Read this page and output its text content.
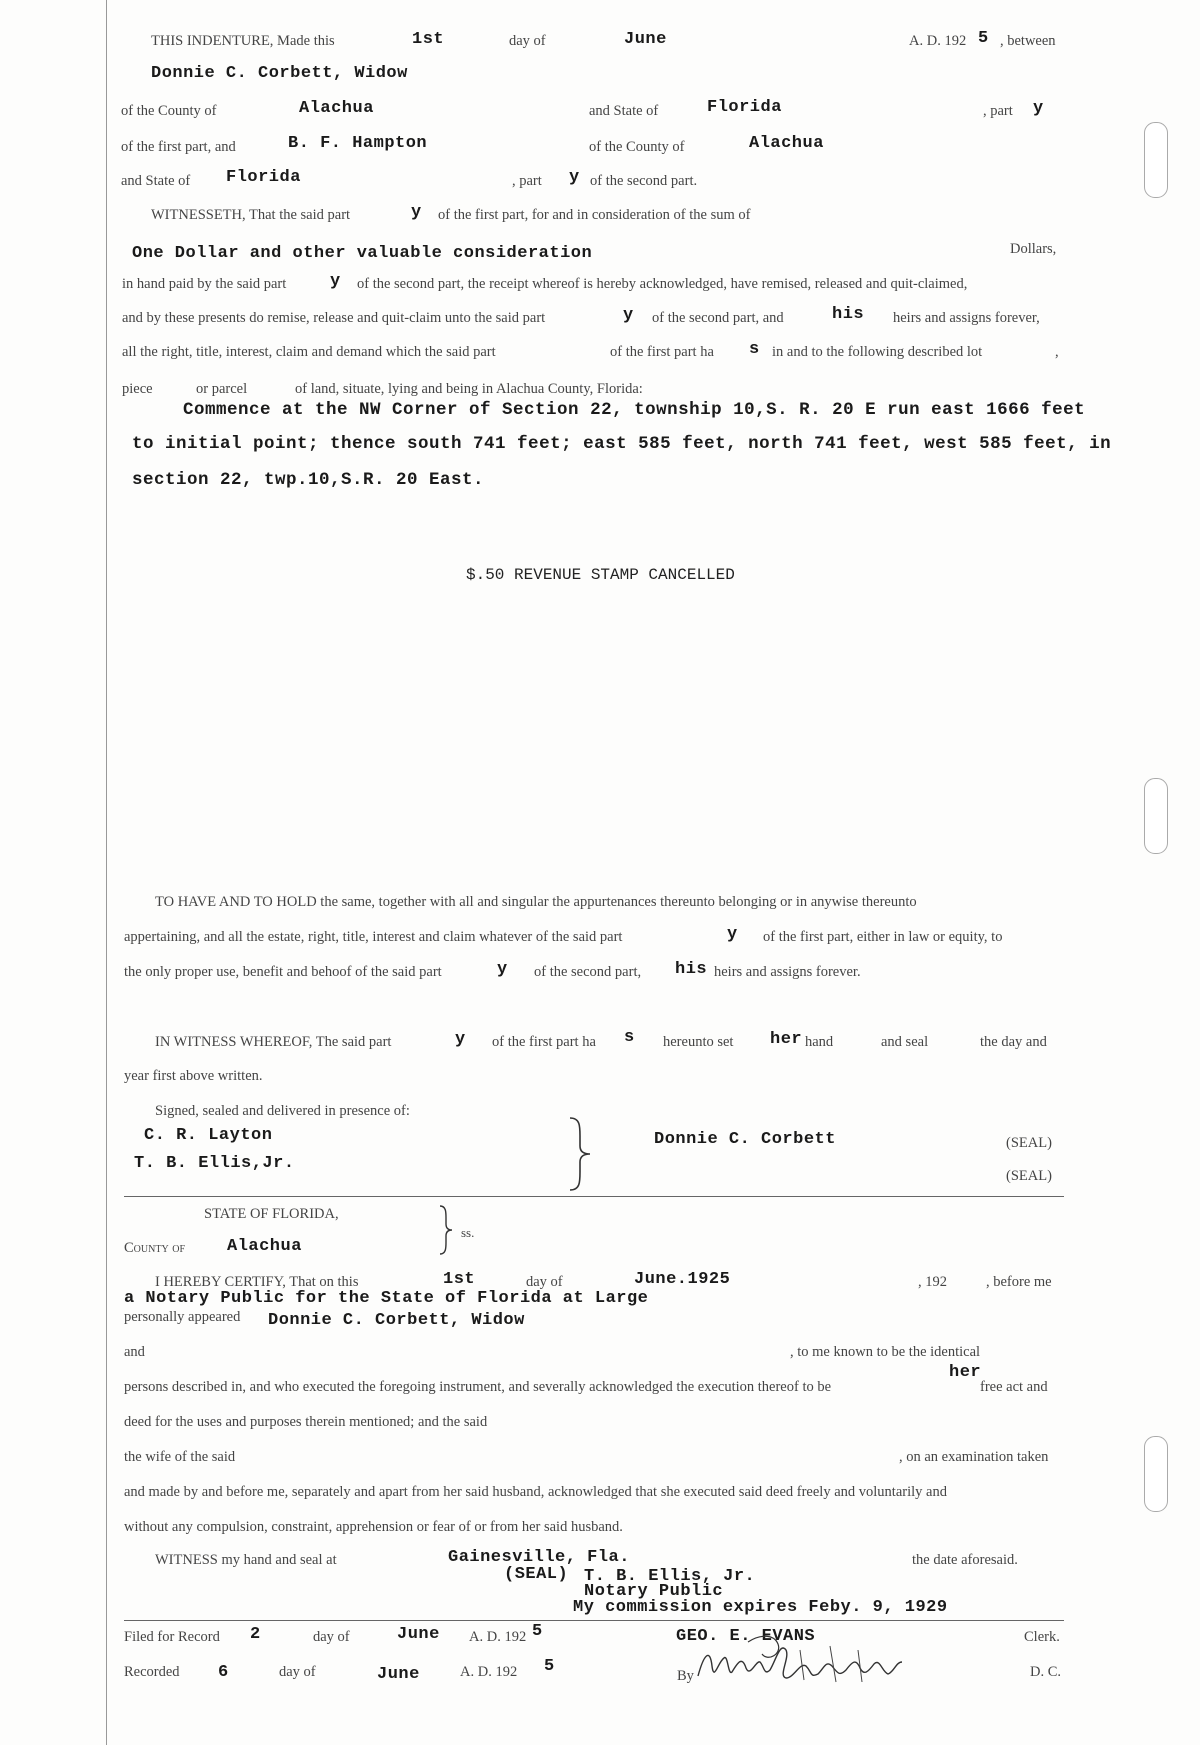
THIS INDENTURE, Made this	1st	day of	June	A. D. 192 5 , between
Donnie C. Corbett, Widow
of the County of	Alachua	and State of	Florida	, part y
of the first part, and	B. F. Hampton	of the County of	Alachua
and State of Florida	, part y of the second part.
WITNESSETH, That the said part	y of the first part, for and in consideration of the sum of
One Dollar and other valuable consideration	Dollars,
in hand paid by the said part	y of the second part, the receipt whereof is hereby acknowledged, have remised, released and quit-claimed,
and by these presents do remise, release and quit-claim unto the said part	y of the second part, and	his heirs and assigns forever,
all the right, title, interest, claim and demand which the said part	of the first part ha s in and to the following described lot	,
piece	or parcel	of land, situate, lying and being in Alachua County, Florida:
Commence at the NW Corner of Section 22, township 10,S. R. 20 E run east 1666 feet
to initial point; thence south 741 feet; east 585 feet, north 741 feet, west 585 feet, in
section 22, twp.10,S.R. 20 East.
$.50 REVENUE STAMP CANCELLED
TO HAVE AND TO HOLD the same, together with all and singular the appurtenances thereunto belonging or in anywise thereunto
appertaining, and all the estate, right, title, interest and claim whatever of the said part	y of the first part, either in law or equity, to
the only proper use, benefit and behoof of the said part	y of the second part, his heirs and assigns forever.
IN WITNESS WHEREOF, The said part	y of the first part ha s hereunto set her hand	and seal	the day and
year first above written.
Signed, sealed and delivered in presence of:
C. R. Layton
T. B. Ellis,Jr.
Donnie C. Corbett	(SEAL)
(SEAL)
STATE OF FLORIDA,
County of Alachua
ss.
I HEREBY CERTIFY, That on this	1st	day of	June.1925	, 192	, before me
a Notary Public for the State of Florida at Large
personally appeared Donnie C. Corbett, Widow
and	, to me known to be the identical
persons described in, and who executed the foregoing instrument, and severally acknowledged the execution thereof to be
her
free act and
deed for the uses and purposes therein mentioned; and the said
the wife of the said	, on an examination taken
and made by and before me, separately and apart from her said husband, acknowledged that she executed said deed freely and voluntarily and
without any compulsion, constraint, apprehension or fear of or from her said husband.
WITNESS my hand and seal at	Gainesville, Fla.	the date aforesaid.
(SEAL) T. B. Ellis, Jr.
Notary Public
My commission expires Feby. 9, 1929
Filed for Record 2	day of	June A. D. 192 5	GEO. E. EVANS	Clerk.
Recorded 6	day of	June	A. D. 192 5	By	D. C.
